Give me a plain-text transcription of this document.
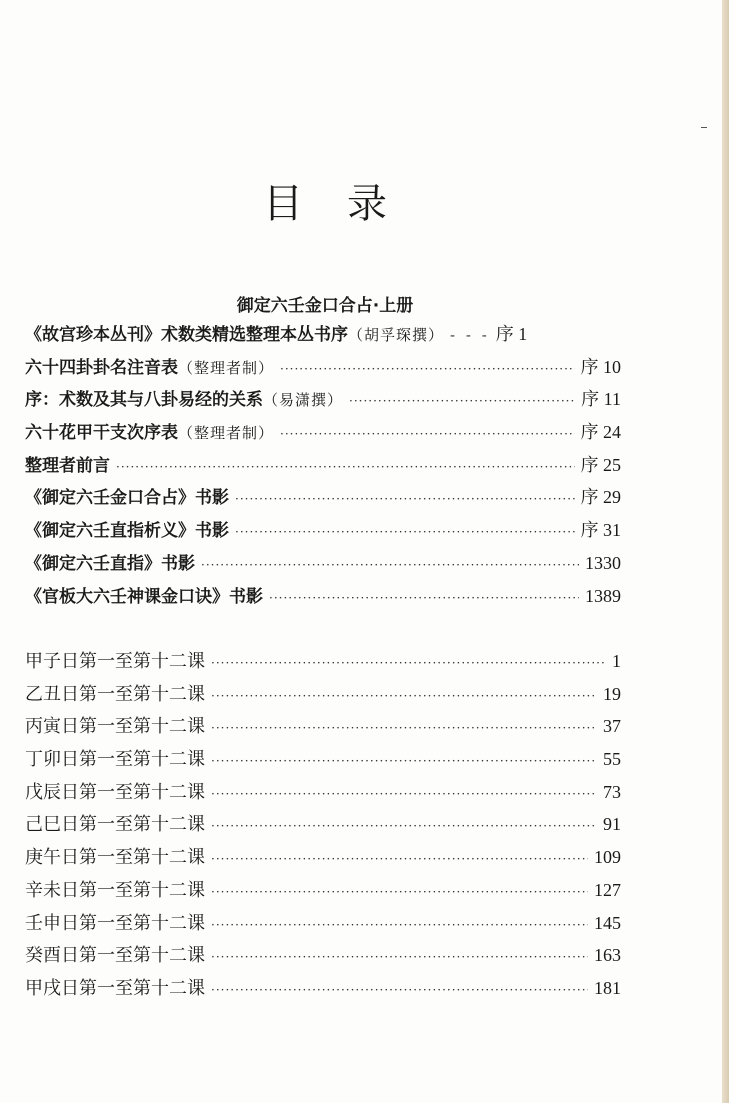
目录
御定六壬金口合占·上册
《故宫珍本丛刊》术数类精选整理本丛书序（胡孚琛撰） - - - 序 1
六十四卦卦名注音表（整理者制） ·····	序 10
序：术数及其与八卦易经的关系（易潇撰） ·····	序 11
六十花甲干支次序表（整理者制） ·····	序 24
整理者前言 ·····	序 25
《御定六壬金口合占》书影 ·····	序 29
《御定六壬直指析义》书影 ·····	序 31
《御定六壬直指》书影 ·····	1330
《官板大六壬神课金口诀》书影 ·····	1389
甲子日第一至第十二课 ·····	1
乙丑日第一至第十二课 ·····	19
丙寅日第一至第十二课 ·····	37
丁卯日第一至第十二课 ·····	55
戊辰日第一至第十二课 ·····	73
己巳日第一至第十二课 ·····	91
庚午日第一至第十二课 ·····	109
辛未日第一至第十二课 ·····	127
壬申日第一至第十二课 ·····	145
癸酉日第一至第十二课 ·····	163
甲戌日第一至第十二课 ·····	181
